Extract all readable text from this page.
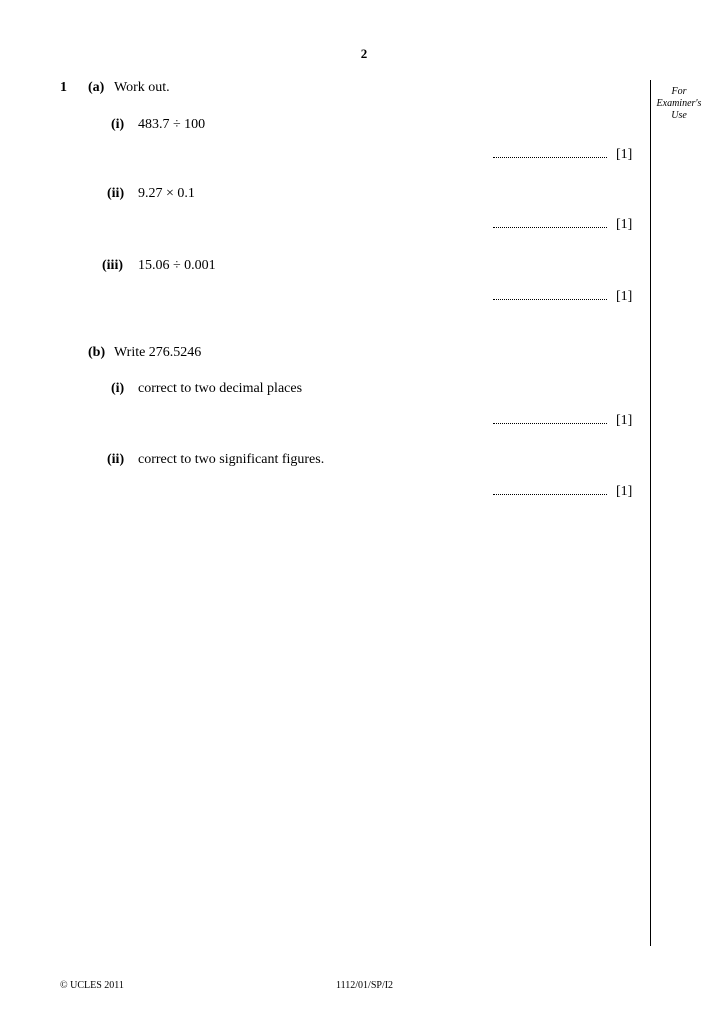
2
For Examiner's Use
1 (a) Work out.
(i) 483.7 ÷ 100
[1]
(ii) 9.27 × 0.1
[1]
(iii) 15.06 ÷ 0.001
[1]
(b) Write 276.5246
(i) correct to two decimal places
[1]
(ii) correct to two significant figures.
[1]
© UCLES 2011	1112/01/SP/I2
